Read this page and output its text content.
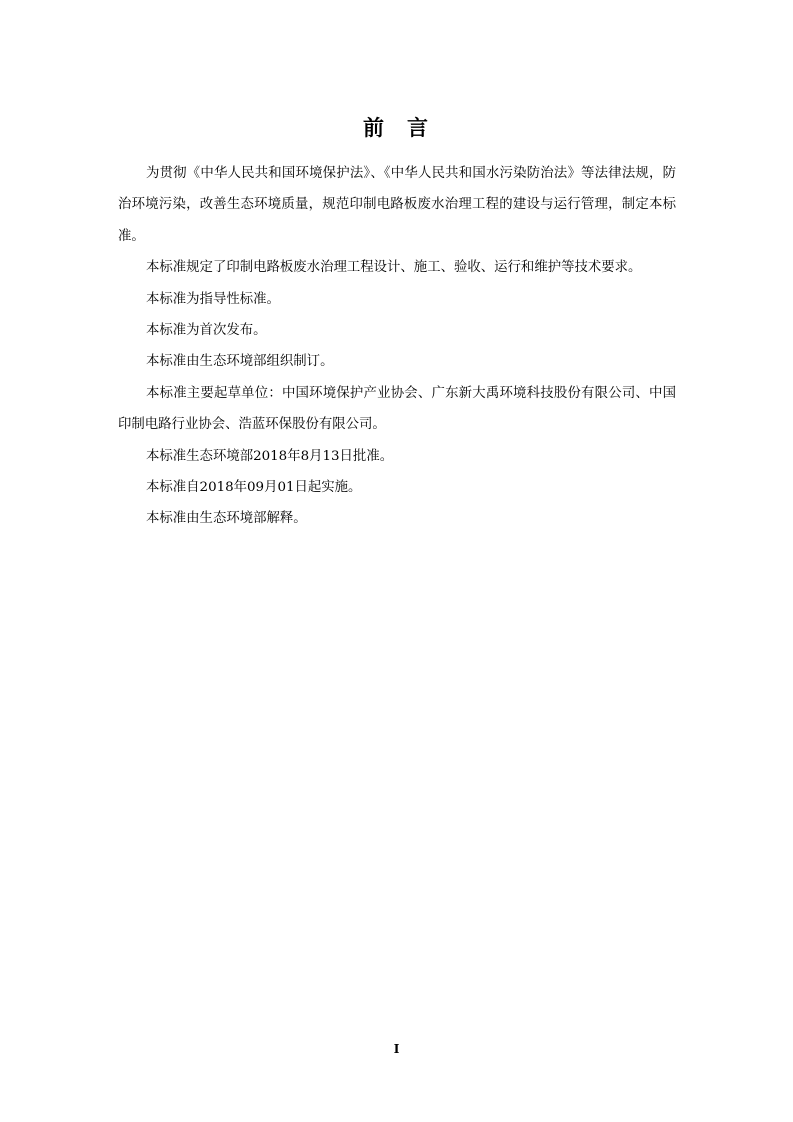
前 言

为贯彻《中华人民共和国环境保护法》、《中华人民共和国水污染防治法》等法律法规，防治环境污染，改善生态环境质量，规范印制电路板废水治理工程的建设与运行管理，制定本标准。

本标准规定了印制电路板废水治理工程设计、施工、验收、运行和维护等技术要求。

本标准为指导性标准。

本标准为首次发布。

本标准由生态环境部组织制订。

本标准主要起草单位：中国环境保护产业协会、广东新大禹环境科技股份有限公司、中国印制电路行业协会、浩蓝环保股份有限公司。

本标准生态环境部2018年8月13日批准。

本标准自2018年09月01日起实施。

本标准由生态环境部解释。

I
